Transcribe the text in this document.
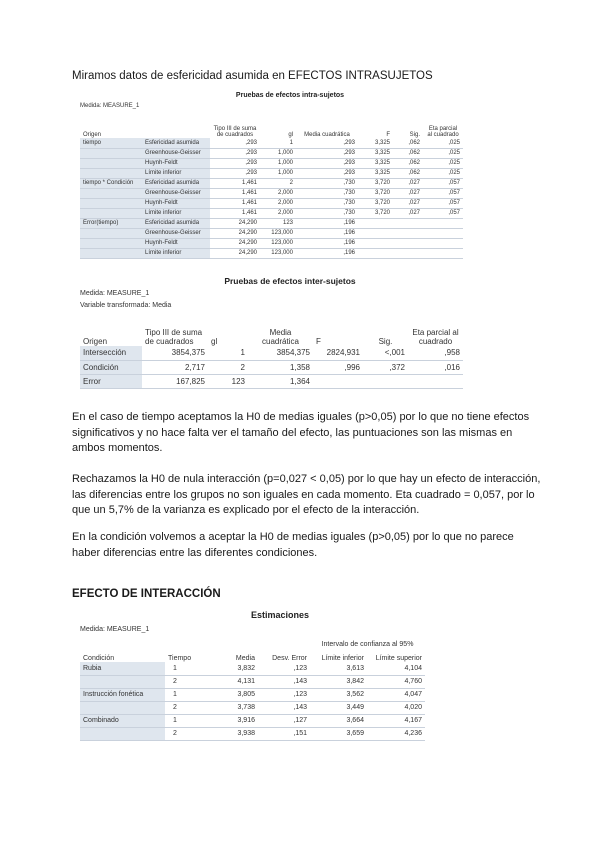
Miramos datos de esfericidad asumida en EFECTOS INTRASUJETOS
Pruebas de efectos intra-sujetos
Medida: MEASURE_1
Origen		Tipo III de suma de cuadrados	gl	Media cuadrática	F	Sig.	Eta parcial al cuadrado
tiempo	Esfericidad asumida	,293	1	,293	3,325	,062	,025
	Greenhouse-Geisser	,293	1,000	,293	3,325	,062	,025
	Huynh-Feldt	,293	1,000	,293	3,325	,062	,025
	Límite inferior	,293	1,000	,293	3,325	,062	,025
tiempo * Condición	Esfericidad asumida	1,461	2	,730	3,720	,027	,057
	Greenhouse-Geisser	1,461	2,000	,730	3,720	,027	,057
	Huynh-Feldt	1,461	2,000	,730	3,720	,027	,057
	Límite inferior	1,461	2,000	,730	3,720	,027	,057
Error(tiempo)	Esfericidad asumida	24,290	123	,196			
	Greenhouse-Geisser	24,290	123,000	,196			
	Huynh-Feldt	24,290	123,000	,196			
	Límite inferior	24,290	123,000	,196			
Pruebas de efectos inter-sujetos
Medida: MEASURE_1
Variable transformada: Media
Origen	Tipo III de suma de cuadrados	gl	Media cuadrática	F	Sig.	Eta parcial al cuadrado
Intersección	3854,375	1	3854,375	2824,931	<,001	,958
Condición	2,717	2	1,358	,996	,372	,016
Error	167,825	123	1,364			
En el caso de tiempo aceptamos la H0 de medias iguales (p>0,05) por lo que no tiene efectos significativos y no hace falta ver el tamaño del efecto, las puntuaciones son las mismas en ambos momentos.
Rechazamos la H0 de nula interacción (p=0,027 < 0,05) por lo que hay un efecto de interacción, las diferencias entre los grupos no son iguales en cada momento. Eta cuadrado = 0,057, por lo que un 5,7% de la varianza es explicado por el efecto de la interacción.
En la condición volvemos a aceptar la H0 de medias iguales (p>0,05) por lo que no parece haber diferencias entre las diferentes condiciones.
EFECTO DE INTERACCIÓN
Estimaciones
Medida: MEASURE_1
				Intervalo de confianza al 95%	
Condición	Tiempo	Media	Desv. Error	Límite inferior	Límite superior
Rubia	1	3,832	,123	3,613	4,104
	2	4,131	,143	3,842	4,760
Instrucción fonética	1	3,805	,123	3,562	4,047
	2	3,738	,143	3,449	4,020
Combinado	1	3,916	,127	3,664	4,167
	2	3,938	,151	3,659	4,236
